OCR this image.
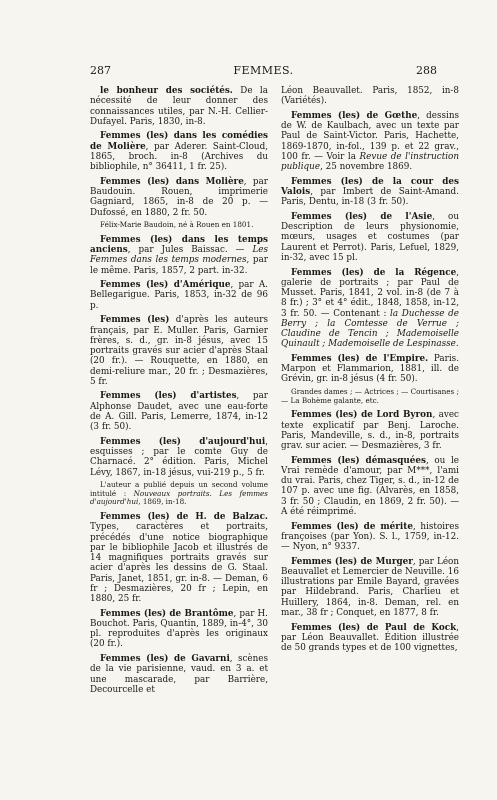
287	FEMMES.	288

le bonheur des sociétés. De la nécessité de leur donner des connaissances utiles, par N.-H. Cellier-Dufayel. Paris, 1830, in-8.

Femmes (les) dans les comédies de Molière, par Aderer. Saint-Cloud, 1865, broch. in-8 (Archives du bibliophile, n° 36411, 1 fr. 25).

Femmes (les) dans Molière, par Baudouin. Rouen, imprimerie Gagniard, 1865, in-8 de 20 p. — Dufossé, en 1880, 2 fr. 50.

Félix-Marie Baudoin, né à Rouen en 1801.

Femmes (les) dans les temps anciens, par Jules Baissac. — Les Femmes dans les temps modernes, par le même. Paris, 1857, 2 part. in-32.

Femmes (les) d'Amérique, par A. Bellegarigue. Paris, 1853, in-32 de 96 p.

Femmes (les) d'après les auteurs français, par E. Muller. Paris, Garnier frères, s. d., gr. in-8 jésus, avec 15 portraits gravés sur acier d'après Staal (20 fr.). — Rouquette, en 1880, en demi-reliure mar., 20 fr. ; Desmazières, 5 fr.

Femmes (les) d'artistes, par Alphonse Daudet, avec une eau-forte de A. Gill. Paris, Lemerre, 1874, in-12 (3 fr. 50).

Femmes (les) d'aujourd'hui, esquisses ; par le comte Guy de Charnacé. 2° édition. Paris, Michel Lévy, 1867, in-18 jésus, vui-219 p., 5 fr.

L'auteur a publié depuis un second volume intitulé : Nouveaux portraits. Les femmes d'aujourd'hui, 1869, in-18.

Femmes (les) de H. de Balzac. Types, caractères et portraits, précédés d'une notice biographique par le bibliophile Jacob et illustrés de 14 magnifiques portraits gravés sur acier d'après les dessins de G. Staal. Paris, Janet, 1851, gr. in-8. — Deman, 6 fr ; Desmazières, 20 fr ; Lepin, en 1880, 25 fr.

Femmes (les) de Brantôme, par H. Bouchot. Paris, Quantin, 1889, in-4°, 30 pl. reproduites d'après les originaux (20 fr.).

Femmes (les) de Gavarni, scènes de la vie parisienne, vaud. en 3 a. et une mascarade, par Barrière, Decourcelle et

Léon Beauvallet. Paris, 1852, in-8 (Variétés).

Femmes (les) de Gœthe, dessins de W. de Kaulbach, avec un texte par Paul de Saint-Victor. Paris, Hachette, 1869-1870, in-fol., 139 p. et 22 grav., 100 fr. — Voir la Revue de l'instruction publique, 25 novembre 1869.

Femmes (les) de la cour des Valois, par Imbert de Saint-Amand. Paris, Dentu, in-18 (3 fr. 50).

Femmes (les) de l'Asie, ou Description de leurs physionomie, mœurs, usages et costumes (par Laurent et Perrot). Paris, Lefuel, 1829, in-32, avec 15 pl.

Femmes (les) de la Régence, galerie de portraits ; par Paul de Musset. Paris, 1841, 2 vol. in-8 (de 7 à 8 fr.) ; 3° et 4° édit., 1848, 1858, in-12, 3 fr. 50. — Contenant : la Duchesse de Berry ; la Comtesse de Verrue ; Claudine de Tencin ; Mademoiselle Quinault ; Mademoiselle de Lespinasse.

Femmes (les) de l'Empire. Paris. Marpon et Flammarion, 1881, ill. de Grévin, gr. in-8 jésus (4 fr. 50).

Grandes dames ; — Actrices ; — Courtisanes ; — La Bohème galante, etc.

Femmes (les) de Lord Byron, avec texte explicatif par Benj. Laroche. Paris, Mandeville, s. d., in-8, portraits grav. sur acier. — Desmazières, 3 fr.

Femmes (les) démasquées, ou le Vrai remède d'amour, par M***, l'ami du vrai. Paris, chez Tiger, s. d., in-12 de 107 p. avec une fig. (Alvarès, en 1858, 3 fr. 50 ; Claudin, en 1869, 2 fr. 50). — A été réimprimé.

Femmes (les) de mérite, histoires françoises (par Yon). S. l., 1759, in-12. — Nyon, n° 9337.

Femmes (les) de Murger, par Léon Beauvallet et Lemercier de Neuville. 16 illustrations par Emile Bayard, gravées par Hildebrand. Paris, Charlieu et Huillery, 1864, in-8. Deman, rel. en mar., 38 fr ; Conquet, en 1877, 8 fr.

Femmes (les) de Paul de Kock, par Léon Beauvallet. Édition illustrée de 50 grands types et de 100 vignettes,
